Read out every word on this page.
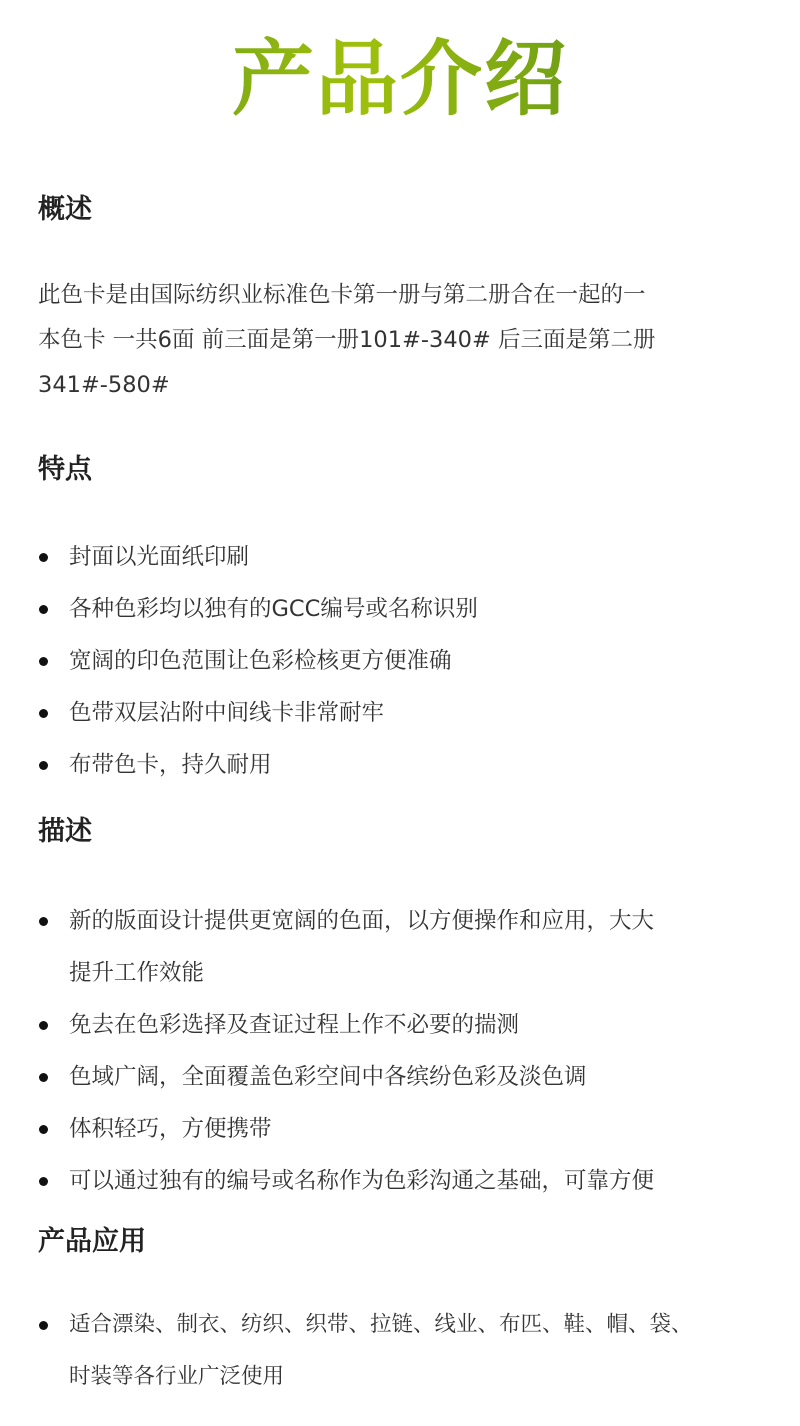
产品介绍
概述

此色卡是由国际纺织业标准色卡第一册与第二册合在一起的一

本色卡 一共6面 前三面是第一册101#-340# 后三面是第二册

341#-580#

特点
封面以光面纸印刷
各种色彩均以独有的GCC编号或名称识别
宽阔的印色范围让色彩检核更方便准确
色带双层沾附中间线卡非常耐牢
布带色卡，持久耐用
描述
新的版面设计提供更宽阔的色面，以方便操作和应用，大大
提升工作效能
免去在色彩选择及查证过程上作不必要的揣测
色域广阔，全面覆盖色彩空间中各缤纷色彩及淡色调
体积轻巧，方便携带
可以通过独有的编号或名称作为色彩沟通之基础，可靠方便
产品应用
适合漂染、制衣、纺织、织带、拉链、线业、布匹、鞋、帽、袋、
时装等各行业广泛使用
